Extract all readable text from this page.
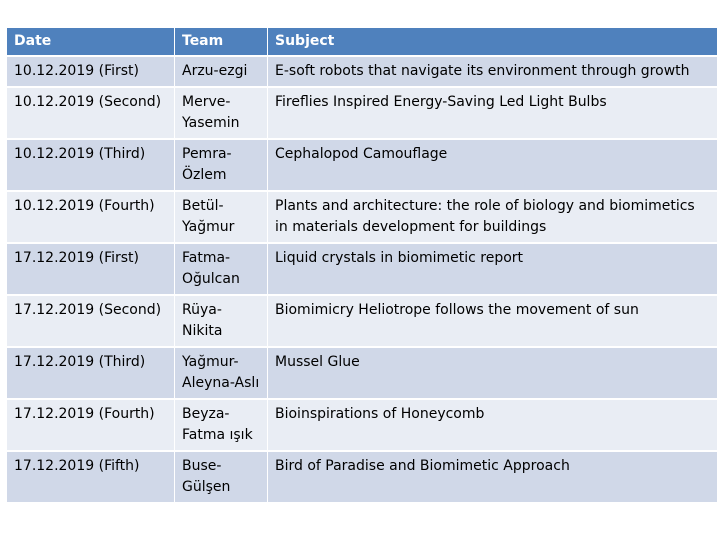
Date	Team	Subject
10.12.2019 (First)	Arzu-ezgi	E-soft robots that navigate its environment through growth
10.12.2019 (Second)	Merve-Yasemin	Fireflies Inspired Energy-Saving Led Light Bulbs
10.12.2019 (Third)	Pemra-Özlem	Cephalopod Camouflage
10.12.2019 (Fourth)	Betül-Yağmur	Plants and architecture: the role of biology and biomimetics in materials development for buildings
17.12.2019 (First)	Fatma-Oğulcan	Liquid crystals in biomimetic report
17.12.2019 (Second)	Rüya-Nikita	Biomimicry Heliotrope follows the movement of sun
17.12.2019 (Third)	Yağmur-Aleyna-Aslı	Mussel Glue
17.12.2019 (Fourth)	Beyza-Fatma ışık	Bioinspirations of Honeycomb
17.12.2019 (Fifth)	Buse-Gülşen	Bird of Paradise and Biomimetic Approach
